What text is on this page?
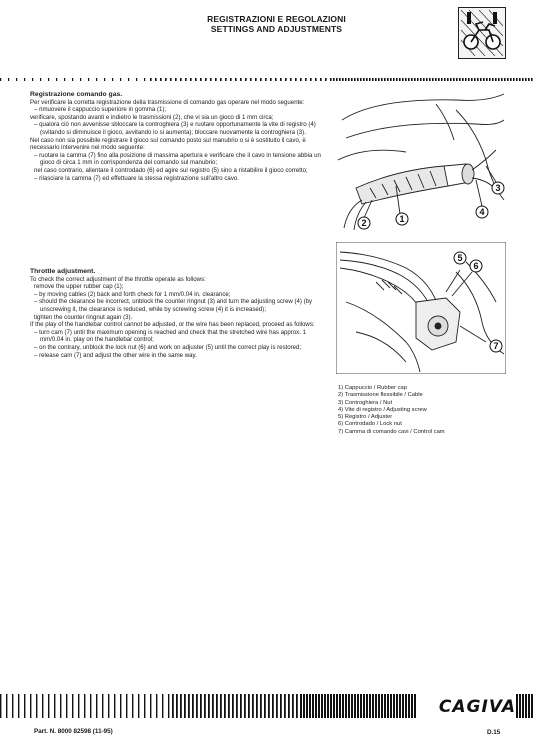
REGISTRAZIONI E REGOLAZIONI
SETTINGS AND ADJUSTMENTS
Registrazione comando gas.

Per verificare la corretta registrazione della trasmissione di comando gas operare nel modo seguente:

– rimuovere il cappuccio superiore in gomma (1);

verificare, spostando avanti e indietro le trasmissioni (2), che vi sia un gioco di 1 mm circa;

– qualora ciò non avvenisse sbloccare la controghiera (3) e ruotare opportunamente la vite di registro (4) (svitando si diminuisce il gioco, avvitando lo si aumenta); bloccare nuovamente la controghiera (3).

Nel caso non sia possibile registrare il gioco sul comando posto sul manubrio o si è sostituito il cavo, è necessario intervenire nel modo seguente:

– ruotare la camma (7) fino alla posizione di massima apertura e verificare che il cavo in tensione abbia un gioco di circa 1 mm in corrispondenza del comando sul manubrio;

nel caso contrario, allentare il controdado (6) ed agire sul registro (5) sino a ristabilire il gioco corretto;

– rilasciare la camma (7) ed effettuare la stessa registrazione sull'altro cavo.

Throttle adjustment.

To check the correct adjustment of the throttle operate as follows:

remove the upper rubber cap (1);

– by moving cables (2) back and forth check for 1 mm/0.04 in. clearance;

– should the clearance be incorrect, unblock the counter ringnut (3) and turn the adjusting screw (4) (by unscrewing it, the clearance is reduced, while by screwing screw (4) it is increased);

tighten the counter ringnut again (3).

If the play of the handlebar control cannot be adjusted, or the wire has been replaced, proceed as follows:

– turn cam (7) until the maximum opening is reached and check that the stretched wire has approx. 1 mm/0.04 in. play on the handlebar control;

– on the contrary, unblock the lock nut (6) and work on adjuster (5) until the correct play is restored;

– release cam (7) and adjust the other wire in the same way.

2	1
4
3
5
6
7
1) Cappuccio / Rubber cap
2) Trasmissione flessibile / Cable
3) Controghiera / Nut
4) Vite di registro / Adjusting screw
5) Registro / Adjuster
6) Controdado / Lock nut
7) Camma di comando cavi / Control cam
CAGIVA
Part. N. 8000 82598 (11-95)	D.15
